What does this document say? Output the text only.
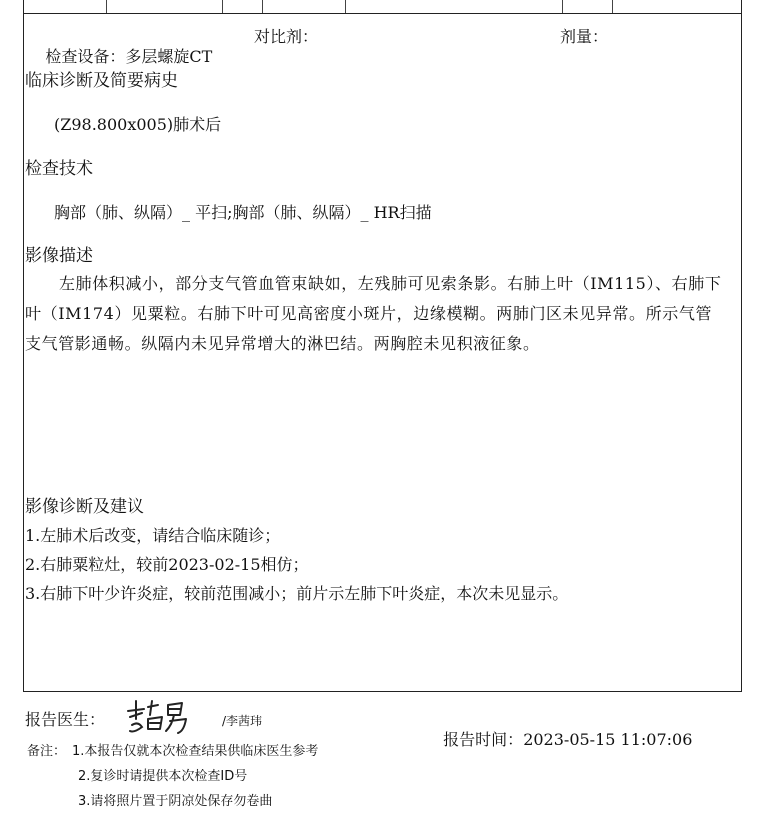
检查设备：多层螺旋CT

对比剂：	剂量：
临床诊断及简要病史
(Z98.800x005)肺术后
检查技术
胸部（肺、纵隔）_ 平扫;胸部（肺、纵隔）_ HR扫描
影像描述
左肺体积减小，部分支气管血管束缺如，左残肺可见索条影。右肺上叶（IM115）、右肺下叶（IM174）见粟粒。右肺下叶可见高密度小斑片，边缘模糊。两肺门区未见异常。所示气管支气管影通畅。纵隔内未见异常增大的淋巴结。两胸腔未见积液征象。
影像诊断及建议
1.左肺术后改变，请结合临床随诊；
2.右肺粟粒灶，较前2023-02-15相仿；
3.右肺下叶少许炎症，较前范围减小；前片示左肺下叶炎症，本次未见显示。
报告医生：	/李茜玮

报告时间：2023-05-15 11:07:06

备注： 1.本报告仅就本次检查结果供临床医生参考
2.复诊时请提供本次检查ID号
3.请将照片置于阴凉处保存勿卷曲
